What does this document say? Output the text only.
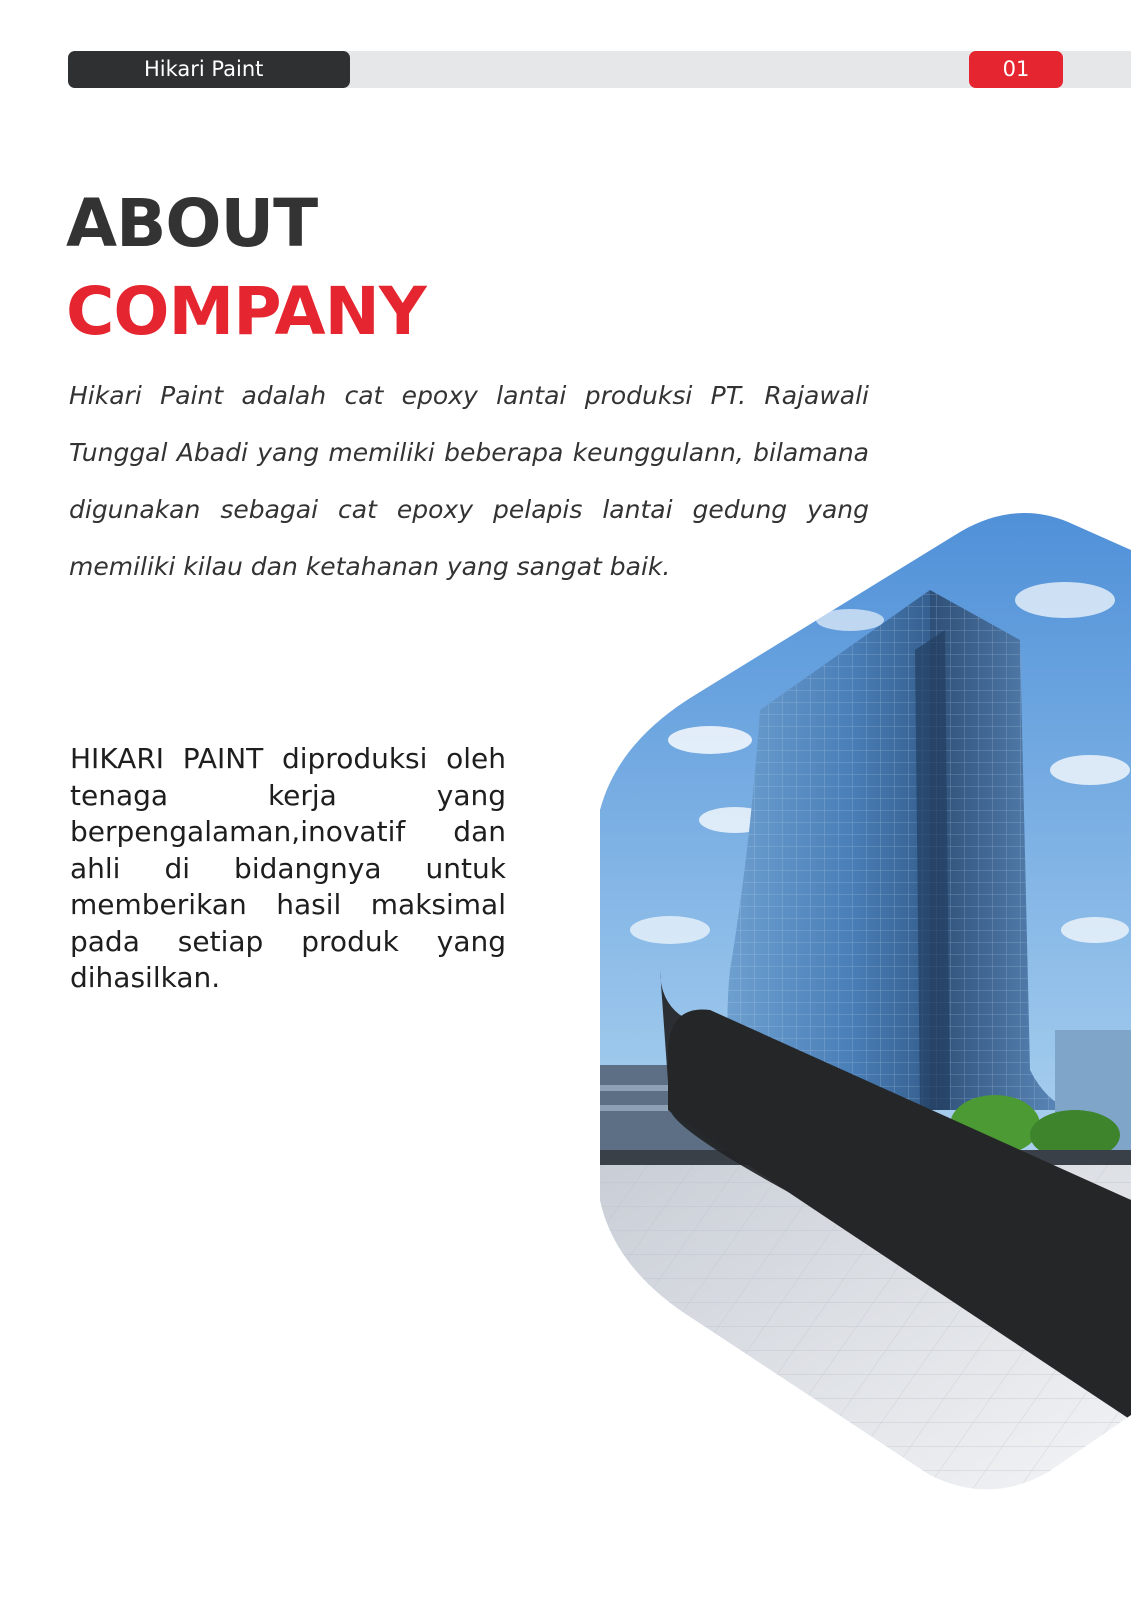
Hikari Paint	01
ABOUT
COMPANY

Hikari Paint adalah cat epoxy lantai produksi PT. Rajawali Tunggal Abadi yang memiliki beberapa keunggulann, bilamana digunakan sebagai cat epoxy pelapis lantai gedung yang memiliki kilau dan ketahanan yang sangat baik.

HIKARI PAINT diproduksi oleh tenaga kerja yang berpengalaman,inovatif dan ahli di bidangnya untuk memberikan hasil maksimal pada setiap produk yang dihasilkan.
